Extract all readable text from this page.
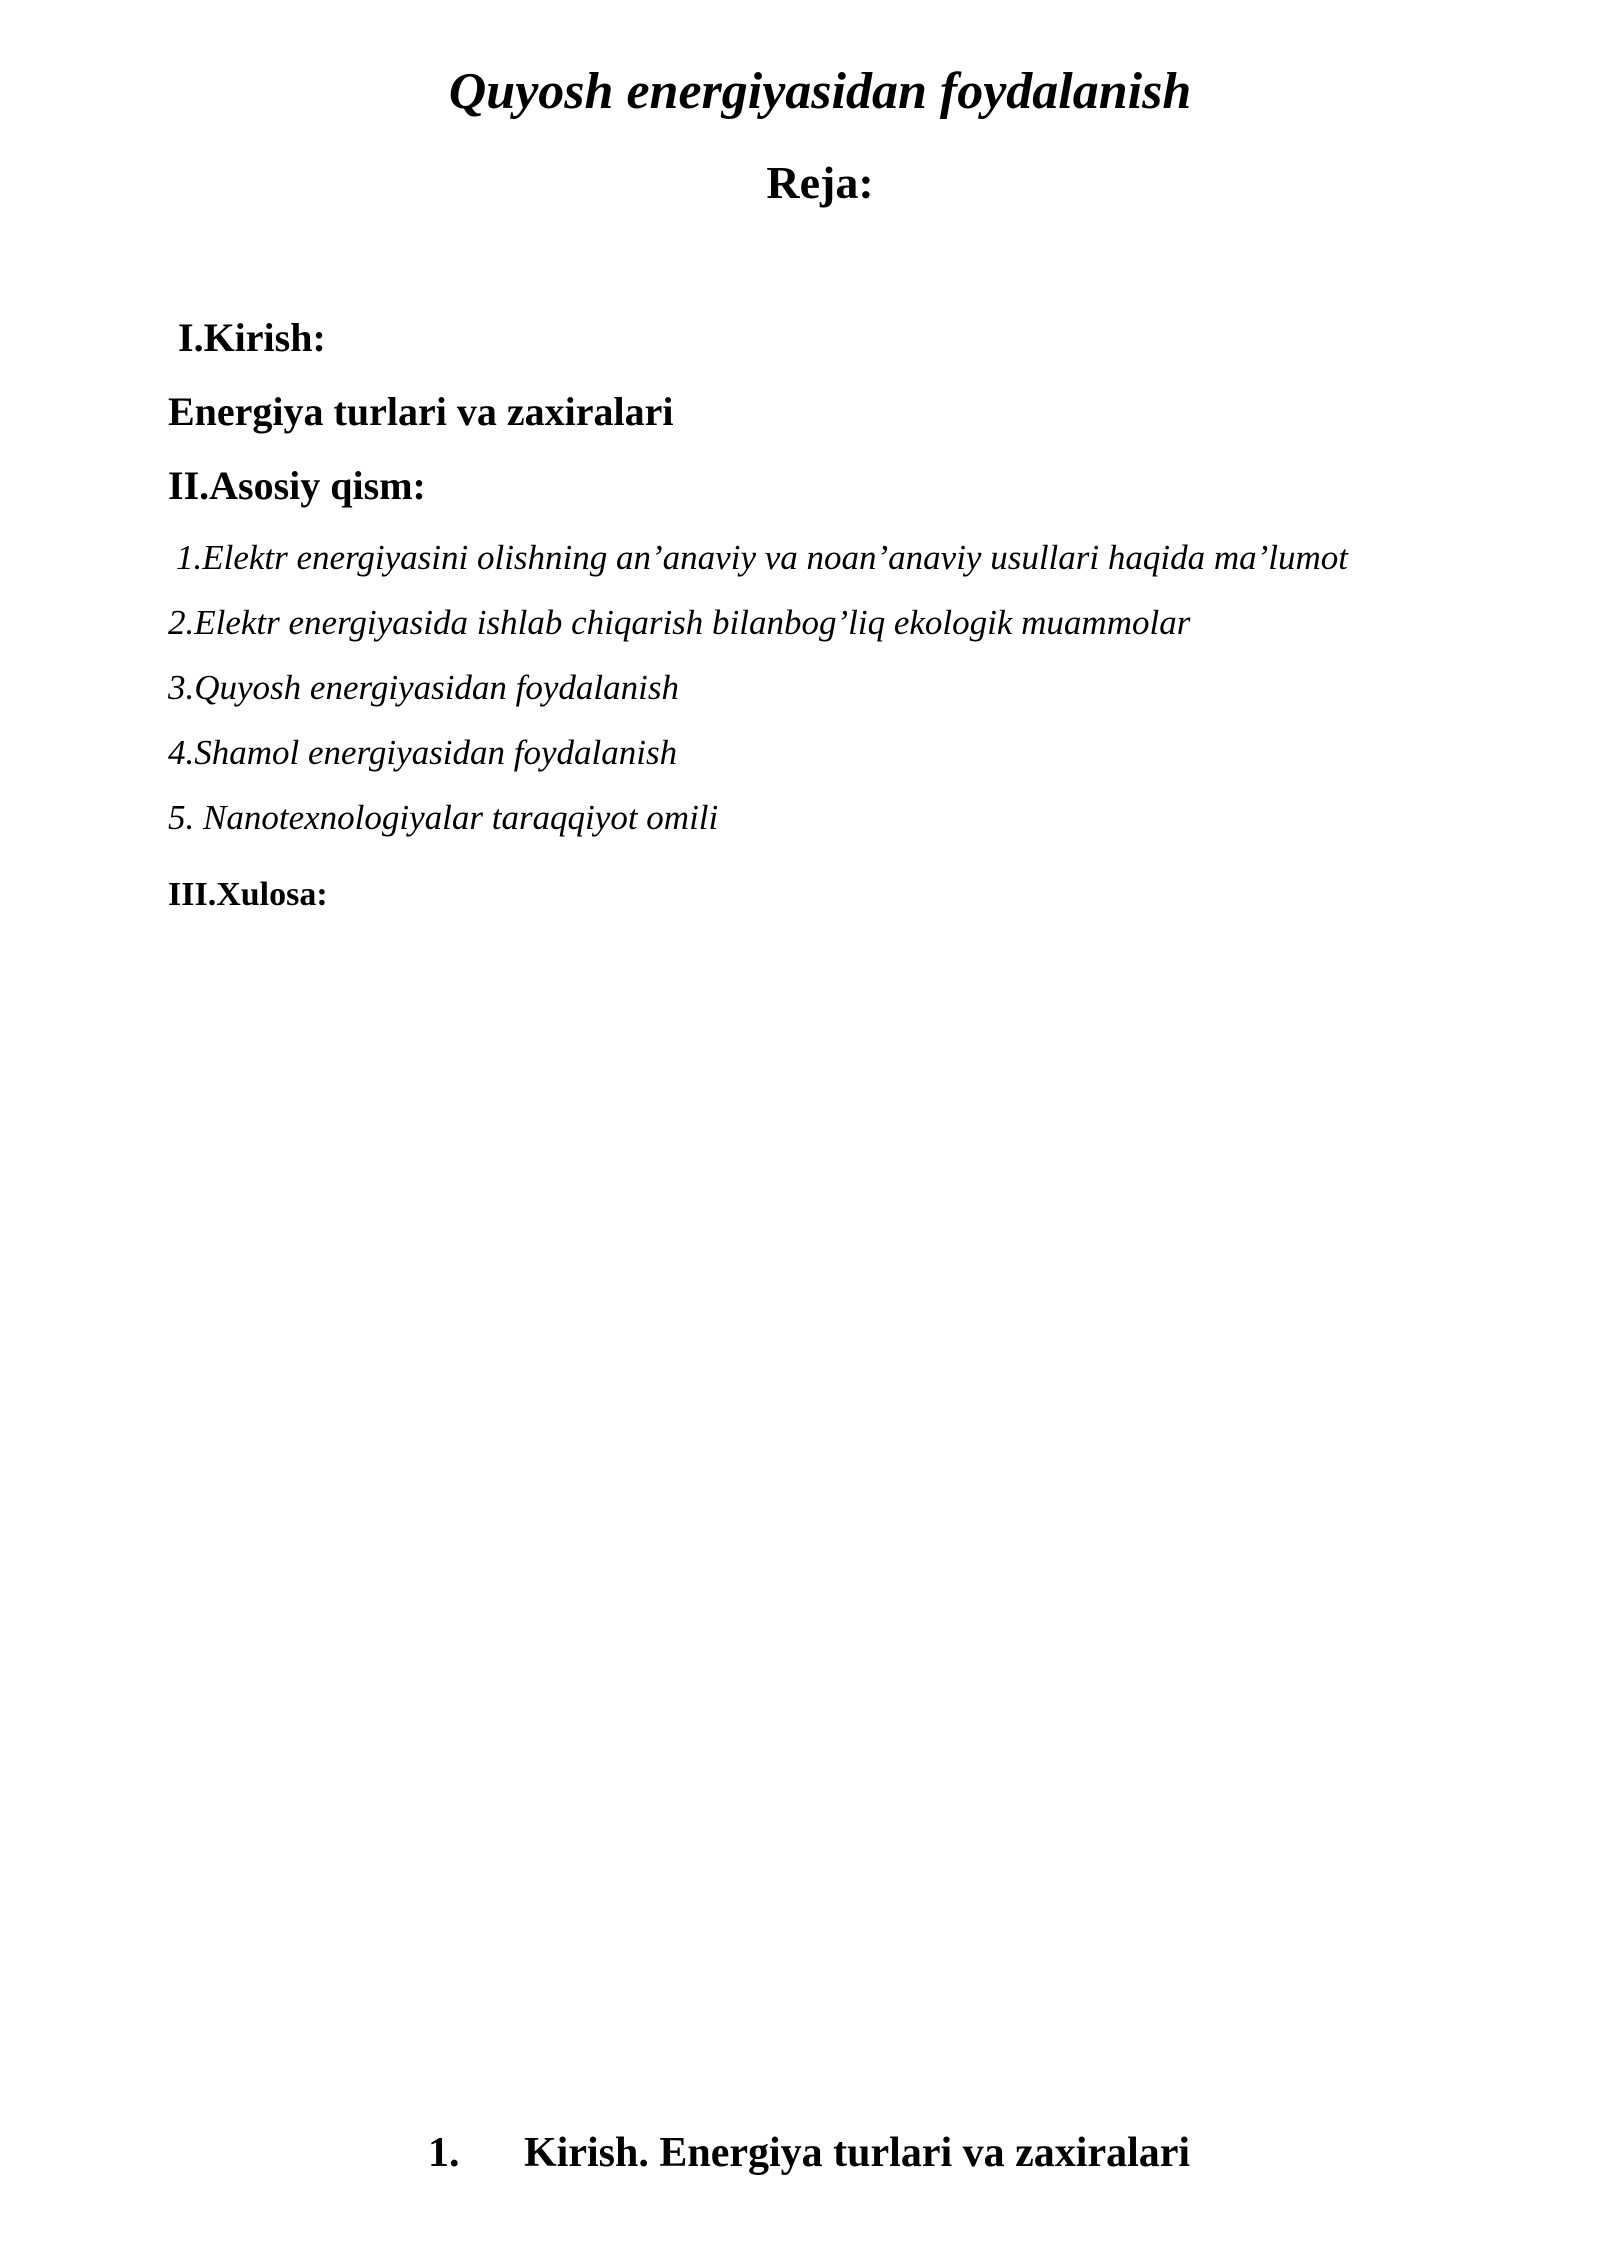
Quyosh energiyasidan foydalanish
Reja:
I.Kirish:
Energiya turlari va zaxiralari
II.Asosiy qism:
1.Elektr energiyasini olishning an’anaviy va noan’anaviy usullari haqida ma’lumot
2.Elektr energiyasida ishlab chiqarish bilanbog’liq ekologik muammolar
3.Quyosh energiyasidan foydalanish
4.Shamol energiyasidan foydalanish
5. Nanotexnologiyalar taraqqiyot omili
III.Xulosa:
1. Kirish. Energiya turlari va zaxiralari
